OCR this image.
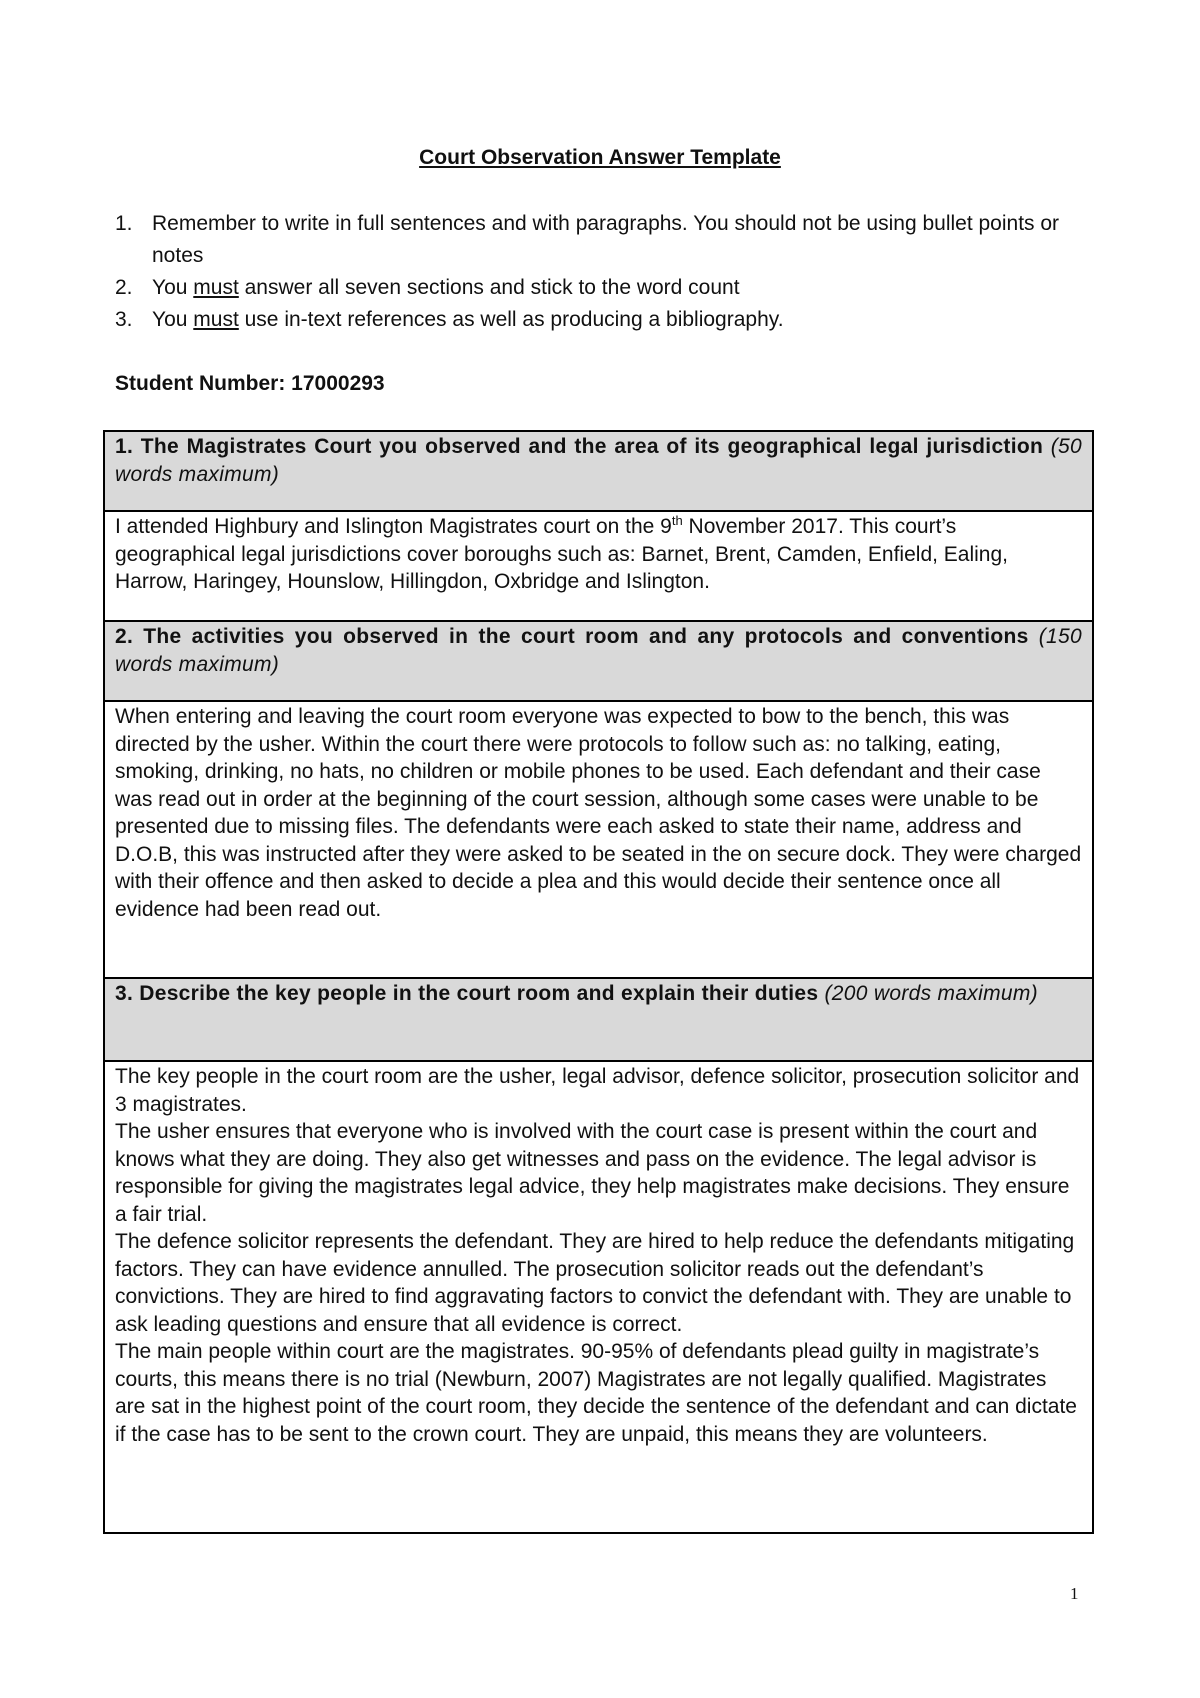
Court Observation Answer Template
1. Remember to write in full sentences and with paragraphs. You should not be using bullet points or notes
2. You must answer all seven sections and stick to the word count
3. You must use in-text references as well as producing a bibliography.
Student Number: 17000293
1. The Magistrates Court you observed and the area of its geographical legal jurisdiction (50 words maximum)
I attended Highbury and Islington Magistrates court on the 9th November 2017. This court’s geographical legal jurisdictions cover boroughs such as: Barnet, Brent, Camden, Enfield, Ealing, Harrow, Haringey, Hounslow, Hillingdon, Oxbridge and Islington.
2. The activities you observed in the court room and any protocols and conventions (150 words maximum)
When entering and leaving the court room everyone was expected to bow to the bench, this was directed by the usher. Within the court there were protocols to follow such as: no talking, eating, smoking, drinking, no hats, no children or mobile phones to be used. Each defendant and their case was read out in order at the beginning of the court session, although some cases were unable to be presented due to missing files. The defendants were each asked to state their name, address and D.O.B, this was instructed after they were asked to be seated in the on secure dock. They were charged with their offence and then asked to decide a plea and this would decide their sentence once all evidence had been read out.
3. Describe the key people in the court room and explain their duties (200 words maximum)

The key people in the court room are the usher, legal advisor, defence solicitor, prosecution solicitor and 3 magistrates.
The usher ensures that everyone who is involved with the court case is present within the court and knows what they are doing. They also get witnesses and pass on the evidence. The legal advisor is responsible for giving the magistrates legal advice, they help magistrates make decisions. They ensure a fair trial.
The defence solicitor represents the defendant. They are hired to help reduce the defendants mitigating factors. They can have evidence annulled. The prosecution solicitor reads out the defendant’s convictions. They are hired to find aggravating factors to convict the defendant with. They are unable to ask leading questions and ensure that all evidence is correct.
The main people within court are the magistrates. 90-95% of defendants plead guilty in magistrate’s courts, this means there is no trial (Newburn, 2007) Magistrates are not legally qualified. Magistrates are sat in the highest point of the court room, they decide the sentence of the defendant and can dictate if the case has to be sent to the crown court. They are unpaid, this means they are volunteers.
1
